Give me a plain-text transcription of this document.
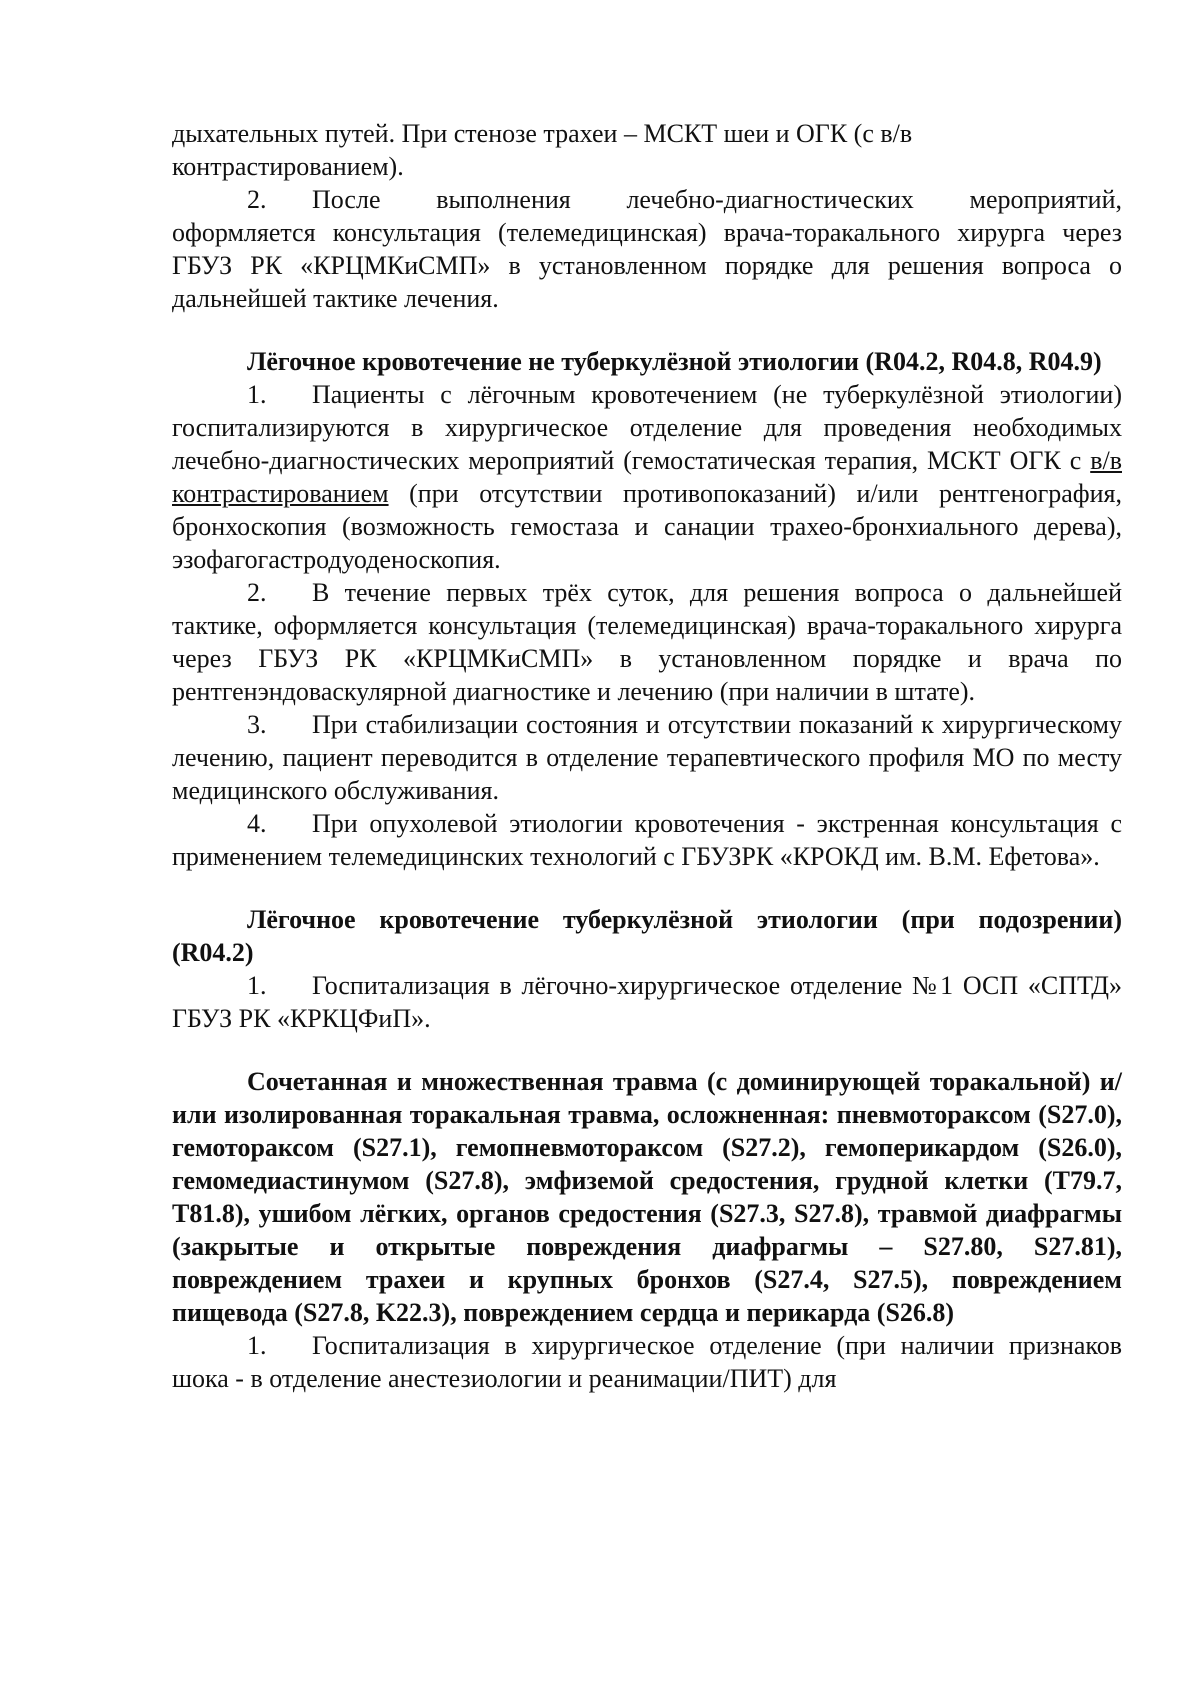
дыхательных путей. При стенозе трахеи – МСКТ шеи и ОГК (с в/в контрастированием).

2. После выполнения лечебно-диагностических мероприятий, оформляется консультация (телемедицинская) врача-торакального хирурга через ГБУЗ РК «КРЦМКиСМП» в установленном порядке для решения вопроса о дальнейшей тактике лечения.

Лёгочное кровотечение не туберкулёзной этиологии (R04.2, R04.8, R04.9)

1. Пациенты с лёгочным кровотечением (не туберкулёзной этиологии) госпитализируются в хирургическое отделение для проведения необходимых лечебно-диагностических мероприятий (гемостатическая терапия, МСКТ ОГК с в/в контрастированием (при отсутствии противопоказаний) и/или рентгенография, бронхоскопия (возможность гемостаза и санации трахео-бронхиального дерева), эзофагогастродуоденоскопия.

2. В течение первых трёх суток, для решения вопроса о дальнейшей тактике, оформляется консультация (телемедицинская) врача-торакального хирурга через ГБУЗ РК «КРЦМКиСМП» в установленном порядке и врача по рентгенэндоваскулярной диагностике и лечению (при наличии в штате).

3. При стабилизации состояния и отсутствии показаний к хирургическому лечению, пациент переводится в отделение терапевтического профиля МО по месту медицинского обслуживания.

4. При опухолевой этиологии кровотечения - экстренная консультация с применением телемедицинских технологий с ГБУЗРК «КРОКД им. В.М. Ефетова».

Лёгочное кровотечение туберкулёзной этиологии (при подозрении) (R04.2)

1. Госпитализация в лёгочно-хирургическое отделение №1 ОСП «СПТД» ГБУЗ РК «КРКЦФиП».

Сочетанная и множественная травма (с доминирующей торакальной) и/или изолированная торакальная травма, осложненная: пневмотораксом (S27.0), гемотораксом (S27.1), гемопневмотораксом (S27.2), гемоперикардом (S26.0), гемомедиастинумом (S27.8), эмфиземой средостения, грудной клетки (T79.7, T81.8), ушибом лёгких, органов средостения (S27.3, S27.8), травмой диафрагмы (закрытые и открытые повреждения диафрагмы – S27.80, S27.81), повреждением трахеи и крупных бронхов (S27.4, S27.5), повреждением пищевода (S27.8, K22.3), повреждением сердца и перикарда (S26.8)

1. Госпитализация в хирургическое отделение (при наличии признаков шока - в отделение анестезиологии и реанимации/ПИТ) для
